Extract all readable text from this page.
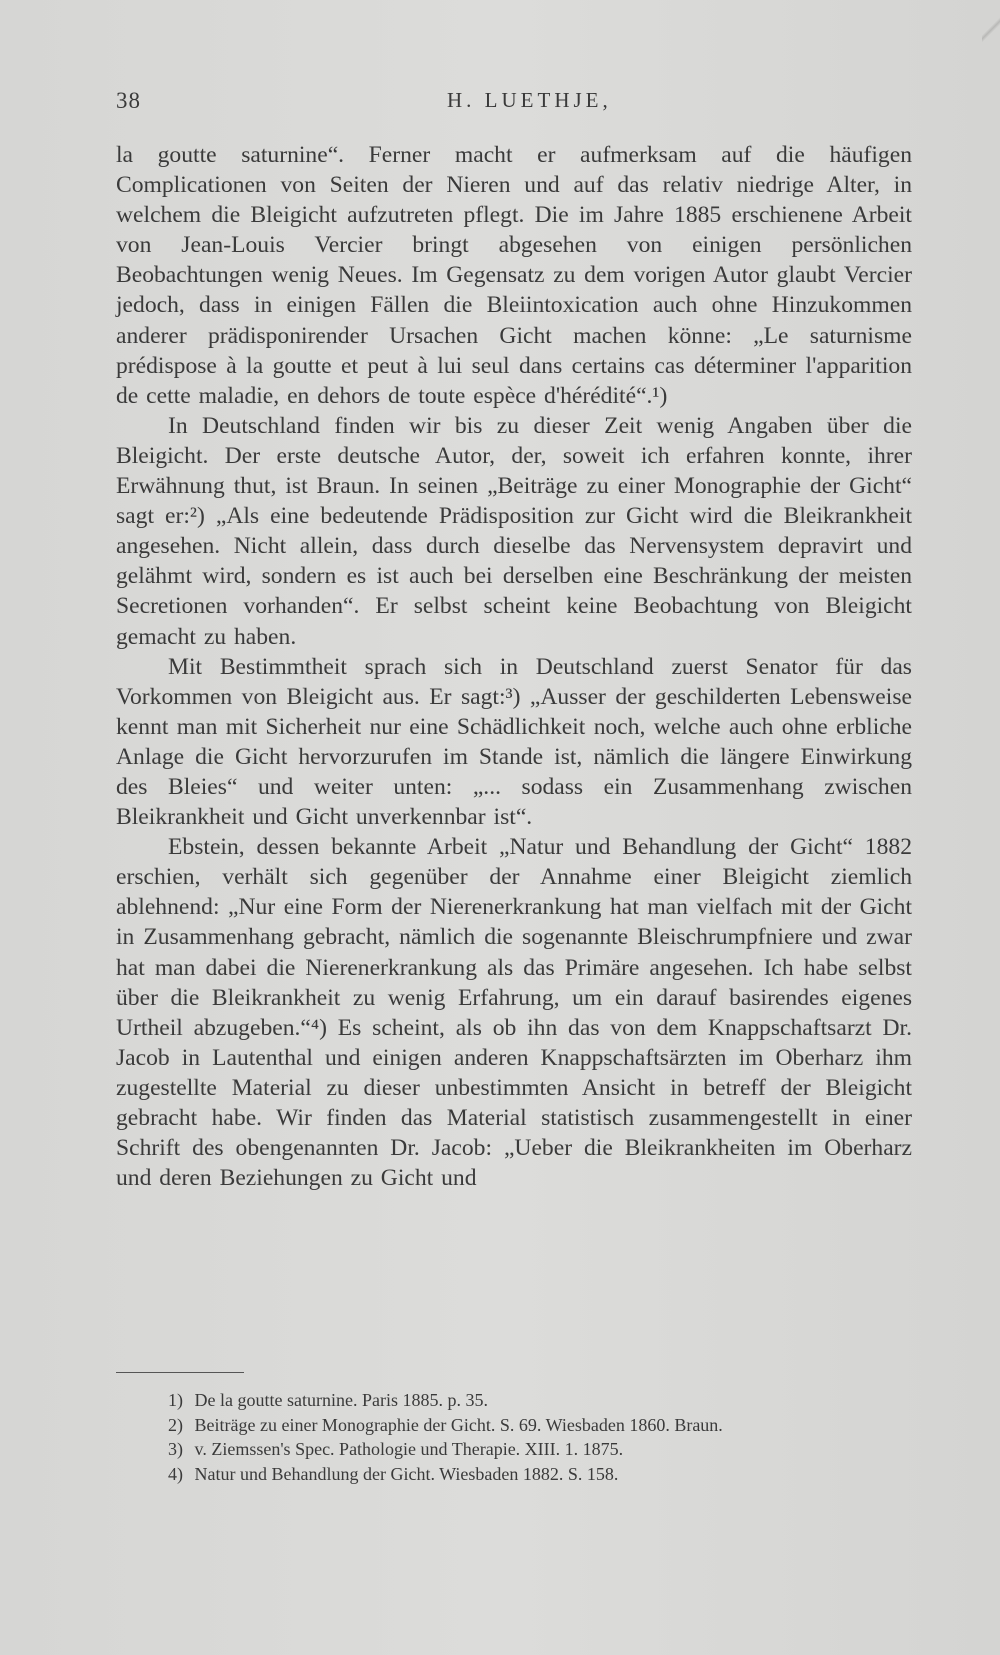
38	H. LUETHJE,

la goutte saturnine“. Ferner macht er aufmerksam auf die häufigen Complicationen von Seiten der Nieren und auf das relativ niedrige Alter, in welchem die Bleigicht aufzutreten pflegt. Die im Jahre 1885 erschienene Arbeit von Jean-Louis Vercier bringt abgesehen von einigen persönlichen Beobachtungen wenig Neues. Im Gegensatz zu dem vorigen Autor glaubt Vercier jedoch, dass in einigen Fällen die Bleiintoxication auch ohne Hinzukommen anderer prädisponirender Ursachen Gicht machen könne: „Le saturnisme prédispose à la goutte et peut à lui seul dans certains cas déterminer l'apparition de cette maladie, en dehors de toute espèce d'hérédité“.¹)

In Deutschland finden wir bis zu dieser Zeit wenig Angaben über die Bleigicht. Der erste deutsche Autor, der, soweit ich erfahren konnte, ihrer Erwähnung thut, ist Braun. In seinen „Beiträge zu einer Monographie der Gicht“ sagt er:²) „Als eine bedeutende Prädisposition zur Gicht wird die Bleikrankheit angesehen. Nicht allein, dass durch dieselbe das Nervensystem depravirt und gelähmt wird, sondern es ist auch bei derselben eine Beschränkung der meisten Secretionen vorhanden“. Er selbst scheint keine Beobachtung von Bleigicht gemacht zu haben.

Mit Bestimmtheit sprach sich in Deutschland zuerst Senator für das Vorkommen von Bleigicht aus. Er sagt:³) „Ausser der geschilderten Lebensweise kennt man mit Sicherheit nur eine Schädlichkeit noch, welche auch ohne erbliche Anlage die Gicht hervorzurufen im Stande ist, nämlich die längere Einwirkung des Bleies“ und weiter unten: „... sodass ein Zusammenhang zwischen Bleikrankheit und Gicht unverkennbar ist“.

Ebstein, dessen bekannte Arbeit „Natur und Behandlung der Gicht“ 1882 erschien, verhält sich gegenüber der Annahme einer Bleigicht ziemlich ablehnend: „Nur eine Form der Nierenerkrankung hat man vielfach mit der Gicht in Zusammenhang gebracht, nämlich die sogenannte Bleischrumpfniere und zwar hat man dabei die Nierenerkrankung als das Primäre angesehen. Ich habe selbst über die Bleikrankheit zu wenig Erfahrung, um ein darauf basirendes eigenes Urtheil abzugeben.“⁴) Es scheint, als ob ihn das von dem Knappschaftsarzt Dr. Jacob in Lautenthal und einigen anderen Knappschaftsärzten im Oberharz ihm zugestellte Material zu dieser unbestimmten Ansicht in betreff der Bleigicht gebracht habe. Wir finden das Material statistisch zusammengestellt in einer Schrift des obengenannten Dr. Jacob: „Ueber die Bleikrankheiten im Oberharz und deren Beziehungen zu Gicht und

1) De la goutte saturnine. Paris 1885. p. 35.
2) Beiträge zu einer Monographie der Gicht. S. 69. Wiesbaden 1860. Braun.
3) v. Ziemssen's Spec. Pathologie und Therapie. XIII. 1. 1875.
4) Natur und Behandlung der Gicht. Wiesbaden 1882. S. 158.
